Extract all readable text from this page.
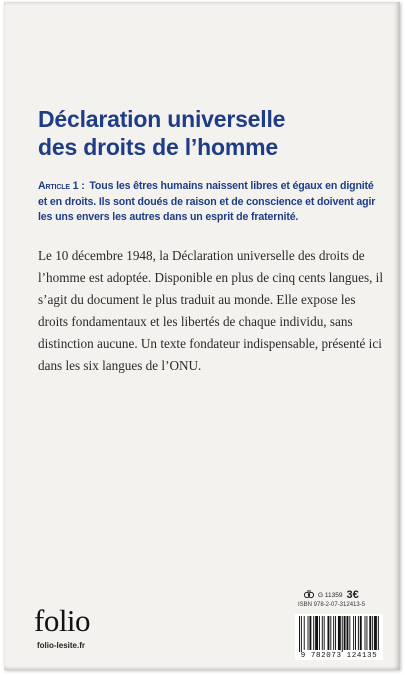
Déclaration universelle
des droits de l’homme
Article 1 : Tous les êtres humains naissent libres et égaux en dignité et en droits. Ils sont doués de raison et de conscience et doivent agir les uns envers les autres dans un esprit de fraternité.
Le 10 décembre 1948, la Déclaration universelle des droits de l’homme est adoptée. Disponible en plus de cinq cents langues, il s’agit du document le plus traduit au monde. Elle expose les droits fondamentaux et les libertés de chaque individu, sans distinction aucune. Un texte fondateur indispensable, présenté ici dans les six langues de l’ONU.
folio
folio-lesite.fr
G 11359 3€
ISBN 978-2-07-312413-5
9 782073 124135
